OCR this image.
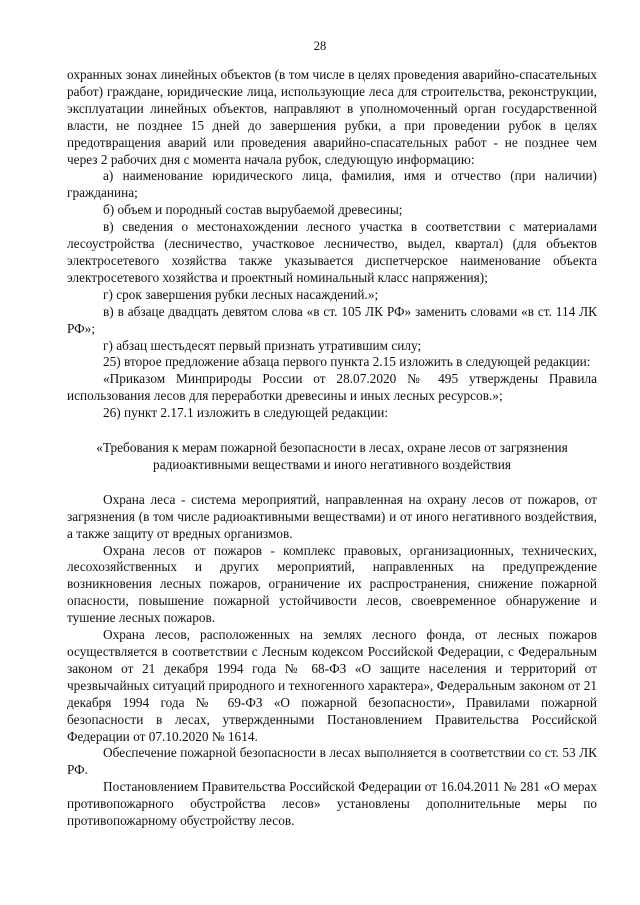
28

охранных зонах линейных объектов (в том числе в целях проведения аварийно-спасательных работ) граждане, юридические лица, использующие леса для строительства, реконструкции, эксплуатации линейных объектов, направляют в уполномоченный орган государственной власти, не позднее 15 дней до завершения рубки, а при проведении рубок в целях предотвращения аварий или проведения аварийно-спасательных работ - не позднее чем через 2 рабочих дня с момента начала рубок, следующую информацию:

а) наименование юридического лица, фамилия, имя и отчество (при наличии) гражданина;

б) объем и породный состав вырубаемой древесины;

в) сведения о местонахождении лесного участка в соответствии с материалами лесоустройства (лесничество, участковое лесничество, выдел, квартал) (для объектов электросетевого хозяйства также указывается диспетчерское наименование объекта электросетевого хозяйства и проектный номинальный класс напряжения);

г) срок завершения рубки лесных насаждений.»;

в) в абзаце двадцать девятом слова «в ст. 105 ЛК РФ» заменить словами «в ст. 114 ЛК РФ»;

г) абзац шестьдесят первый признать утратившим силу;

25) второе предложение абзаца первого пункта 2.15 изложить в следующей редакции:

«Приказом Минприроды России от 28.07.2020 № 495 утверждены Правила использования лесов для переработки древесины и иных лесных ресурсов.»;

26) пункт 2.17.1 изложить в следующей редакции:

«Требования к мерам пожарной безопасности в лесах, охране лесов от загрязнения радиоактивными веществами и иного негативного воздействия

Охрана леса - система мероприятий, направленная на охрану лесов от пожаров, от загрязнения (в том числе радиоактивными веществами) и от иного негативного воздействия, а также защиту от вредных организмов.

Охрана лесов от пожаров - комплекс правовых, организационных, технических, лесохозяйственных и других мероприятий, направленных на предупреждение возникновения лесных пожаров, ограничение их распространения, снижение пожарной опасности, повышение пожарной устойчивости лесов, своевременное обнаружение и тушение лесных пожаров.

Охрана лесов, расположенных на землях лесного фонда, от лесных пожаров осуществляется в соответствии с Лесным кодексом Российской Федерации, с Федеральным законом от 21 декабря 1994 года № 68-ФЗ «О защите населения и территорий от чрезвычайных ситуаций природного и техногенного характера», Федеральным законом от 21 декабря 1994 года № 69-ФЗ «О пожарной безопасности», Правилами пожарной безопасности в лесах, утвержденными Постановлением Правительства Российской Федерации от 07.10.2020 № 1614.

Обеспечение пожарной безопасности в лесах выполняется в соответствии со ст. 53 ЛК РФ.

Постановлением Правительства Российской Федерации от 16.04.2011 № 281 «О мерах противопожарного обустройства лесов» установлены дополнительные меры по противопожарному обустройству лесов.
